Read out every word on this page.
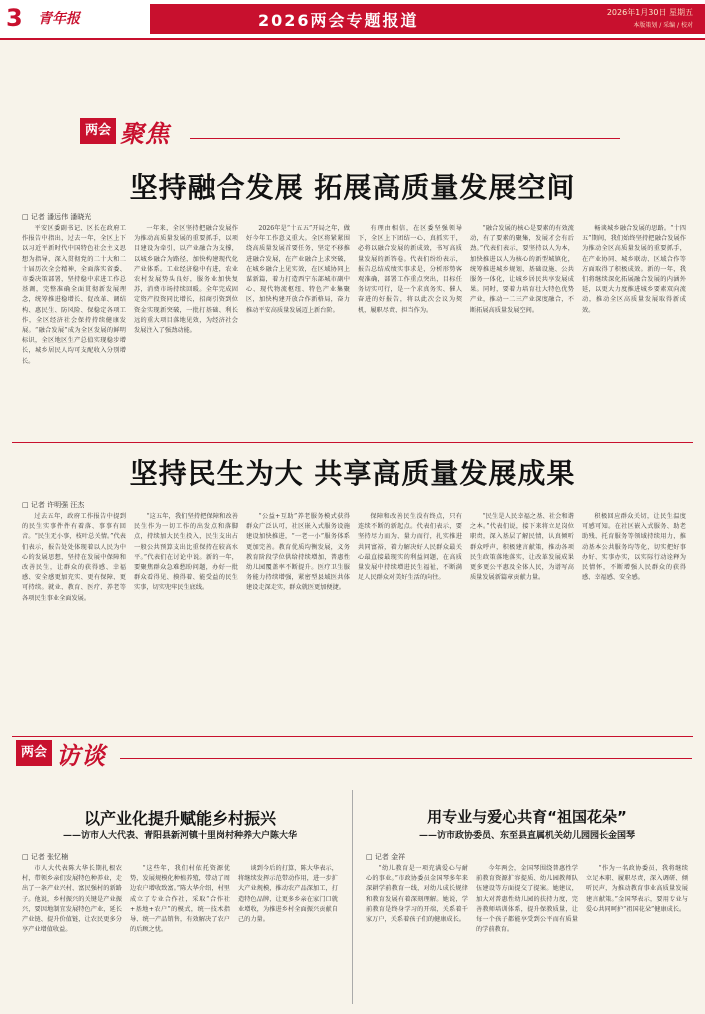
3 青年报	2026两会专题报道	2026年1月30日 星期五
本版策划 / 采编 / 校对
两会 聚焦
坚持融合发展 拓展高质量发展空间
□ 记者 潘远伟 潘晓光

平安区委副书记、区长在政府工作报告中指出，过去一年，全区上下以习近平新时代中国特色社会主义思想为指导，深入贯彻党的二十大和二十届历次全会精神，全面落实省委、市委决策部署，坚持稳中求进工作总基调，完整准确全面贯彻新发展理念，统筹推进稳增长、促改革、调结构、惠民生、防风险、保稳定各项工作，全区经济社会保持持续健康发展。“融合发展”成为全区发展的鲜明标识，全区地区生产总值实现稳步增长，城乡居民人均可支配收入分别增长。

一年来，全区坚持把融合发展作为推动高质量发展的重要抓手，以项目建设为牵引，以产业融合为支撑，以城乡融合为路径，加快构建现代化产业体系。工业经济稳中有进，农业农村发展势头良好，服务业加快复苏，消费市场持续回暖。全年完成固定资产投资同比增长，招商引资到位资金实现新突破，一批打基础、利长远的重大项目落地见效，为经济社会发展注入了强劲动能。

2026年是“十五五”开局之年，做好今年工作意义重大。全区将紧紧围绕高质量发展首要任务，坚定不移推进融合发展，在产业融合上求突破，在城乡融合上见实效，在区域协同上谋新篇，着力打造西宁东部城市副中心、现代物流枢纽、特色产业集聚区，加快构建开放合作新格局，奋力推动平安高质量发展迈上新台阶。

有理由相信，在区委坚强领导下，全区上下团结一心、真抓实干，必将以融合发展的新成效，书写高质量发展的新答卷。代表们纷纷表示，报告总结成绩实事求是，分析形势客观准确，部署工作重点突出，目标任务切实可行，是一个求真务实、催人奋进的好报告，将以此次会议为契机，履职尽责、担当作为。

“融合发展的核心是要素的有效流动，有了要素的聚集，发展才会有后劲。”代表们表示，要坚持以人为本，加快推进以人为核心的新型城镇化，统筹推进城乡规划、基础设施、公共服务一体化，让城乡居民共享发展成果。同时，要着力培育壮大特色优势产业，推动一二三产业深度融合，不断拓展高质量发展空间。

畅谈城乡融合发展的思路。“十四五”期间，我们始终坚持把融合发展作为推动全区高质量发展的重要抓手，在产业协同、城乡联动、区域合作等方面取得了积极成效。新的一年，我们将继续深化拓展融合发展的内涵外延，以更大力度推进城乡要素双向流动，推动全区高质量发展取得新成效。

坚持民生为大 共享高质量发展成果
□ 记者 许明强 汪杰

过去五年，政府工作报告中提到的民生实事件件有着落、事事有回音。“民生无小事，枝叶总关情。”代表们表示，报告处处体现着以人民为中心的发展思想，坚持在发展中保障和改善民生，让群众的获得感、幸福感、安全感更加充实、更有保障、更可持续。就业、教育、医疗、养老等各项民生事业全面发展。

“这五年，我们坚持把保障和改善民生作为一切工作的出发点和落脚点，持续加大民生投入，民生支出占一般公共预算支出比重保持在较高水平。”代表们在讨论中说。新的一年，要聚焦群众急难愁盼问题，办好一批群众看得见、摸得着、能受益的民生实事，切实兜牢民生底线。

“公益+互助”养老服务模式获得群众广泛认可，社区嵌入式服务设施建设加快推进，“一老一小”服务体系更加完善。教育优质均衡发展，义务教育阶段学位供给持续增加，普惠性幼儿园覆盖率不断提升。医疗卫生服务能力持续增强，紧密型县域医共体建设走深走实，群众就医更加便捷。

保障和改善民生没有终点，只有连续不断的新起点。代表们表示，要坚持尽力而为、量力而行，扎实推进共同富裕，着力解决好人民群众最关心最直接最现实的利益问题，在高质量发展中持续增进民生福祉，不断满足人民群众对美好生活的向往。

“民生是人民幸福之基、社会和谐之本。”代表们说，接下来将立足岗位职责，深入基层了解民情，认真倾听群众呼声，积极建言献策，推动各项民生政策落地落实，让改革发展成果更多更公平惠及全体人民，为谱写高质量发展新篇章贡献力量。

积极回应群众关切，让民生温度可感可知。在社区嵌入式服务、助老助残、托育服务等领域持续用力，推动基本公共服务均等化，切实把好事办好、实事办实，以实际行动诠释为民情怀，不断增强人民群众的获得感、幸福感、安全感。

两会 访谈
以产业化提升赋能乡村振兴
——访市人大代表、青阳县新河镇十里岗村种养大户陈大华
□ 记者 张忆楠

市人大代表陈大华长期扎根农村，带领乡亲们发展特色种养业，走出了一条产业兴村、富民强村的新路子。他说，乡村振兴的关键是产业振兴，要因地制宜发展特色产业，延长产业链、提升价值链，让农民更多分享产业增值收益。

“这些年，我们村依托资源优势，发展规模化种植养殖，带动了周边农户增收致富。”陈大华介绍，村里成立了专业合作社，采取“合作社+基地+农户”的模式，统一技术指导、统一产品销售，有效解决了农户的后顾之忧。

谈到今后的打算，陈大华表示，将继续发挥示范带动作用，进一步扩大产业规模，推动农产品深加工，打造特色品牌，让更多乡亲在家门口就业增收，为推进乡村全面振兴贡献自己的力量。

用专业与爱心共育“祖国花朵”
——访市政协委员、东至县直属机关幼儿园园长金国琴
□ 记者 金祥

“幼儿教育是一项充满爱心与耐心的事业。”市政协委员金国琴多年来深耕学前教育一线，对幼儿成长规律和教育发展有着深刻理解。她说，学前教育是终身学习的开端，关系着千家万户，关系着孩子们的健康成长。

今年两会，金国琴围绕普惠性学前教育资源扩容提质、幼儿园教师队伍建设等方面提交了提案。她建议，加大对普惠性幼儿园的扶持力度，完善教师培训体系，提升保教质量，让每一个孩子都能享受到公平而有质量的学前教育。

“作为一名政协委员，我将继续立足本职、履职尽责，深入调研、倾听民声，为推动教育事业高质量发展建言献策。”金国琴表示，要用专业与爱心共同呵护“祖国花朵”健康成长。
